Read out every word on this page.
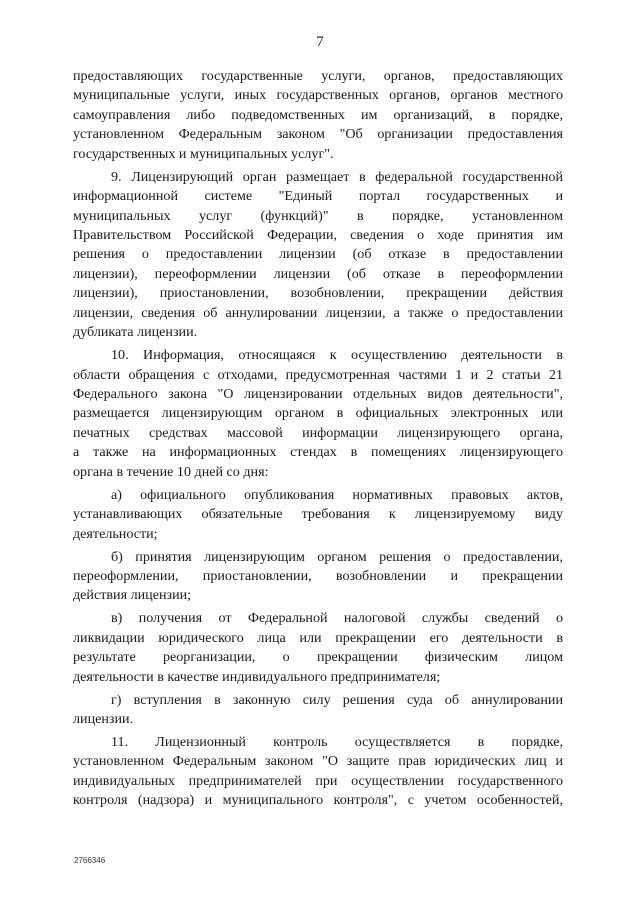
7
предоставляющих государственные услуги, органов, предоставляющих
муниципальные услуги, иных государственных органов, органов местного
самоуправления либо подведомственных им организаций, в порядке,
установленном Федеральным законом "Об организации предоставления
государственных и муниципальных услуг".
9. Лицензирующий орган размещает в федеральной государственной
информационной системе "Единый портал государственных и
муниципальных услуг (функций)" в порядке, установленном
Правительством Российской Федерации, сведения о ходе принятия им
решения о предоставлении лицензии (об отказе в предоставлении
лицензии), переоформлении лицензии (об отказе в переоформлении
лицензии), приостановлении, возобновлении, прекращении действия
лицензии, сведения об аннулировании лицензии, а также о предоставлении
дубликата лицензии.
10. Информация, относящаяся к осуществлению деятельности в
области обращения с отходами, предусмотренная частями 1 и 2 статьи 21
Федерального закона "О лицензировании отдельных видов деятельности",
размещается лицензирующим органом в официальных электронных или
печатных средствах массовой информации лицензирующего органа,
а также на информационных стендах в помещениях лицензирующего
органа в течение 10 дней со дня:
а) официального опубликования нормативных правовых актов,
устанавливающих обязательные требования к лицензируемому виду
деятельности;
б) принятия лицензирующим органом решения о предоставлении,
переоформлении, приостановлении, возобновлении и прекращении
действия лицензии;
в) получения от Федеральной налоговой службы сведений о
ликвидации юридического лица или прекращении его деятельности в
результате реорганизации, о прекращении физическим лицом
деятельности в качестве индивидуального предпринимателя;
г) вступления в законную силу решения суда об аннулировании
лицензии.
11. Лицензионный контроль осуществляется в порядке,
установленном Федеральным законом "О защите прав юридических лиц и
индивидуальных предпринимателей при осуществлении государственного
контроля (надзора) и муниципального контроля", с учетом особенностей,
2766346
